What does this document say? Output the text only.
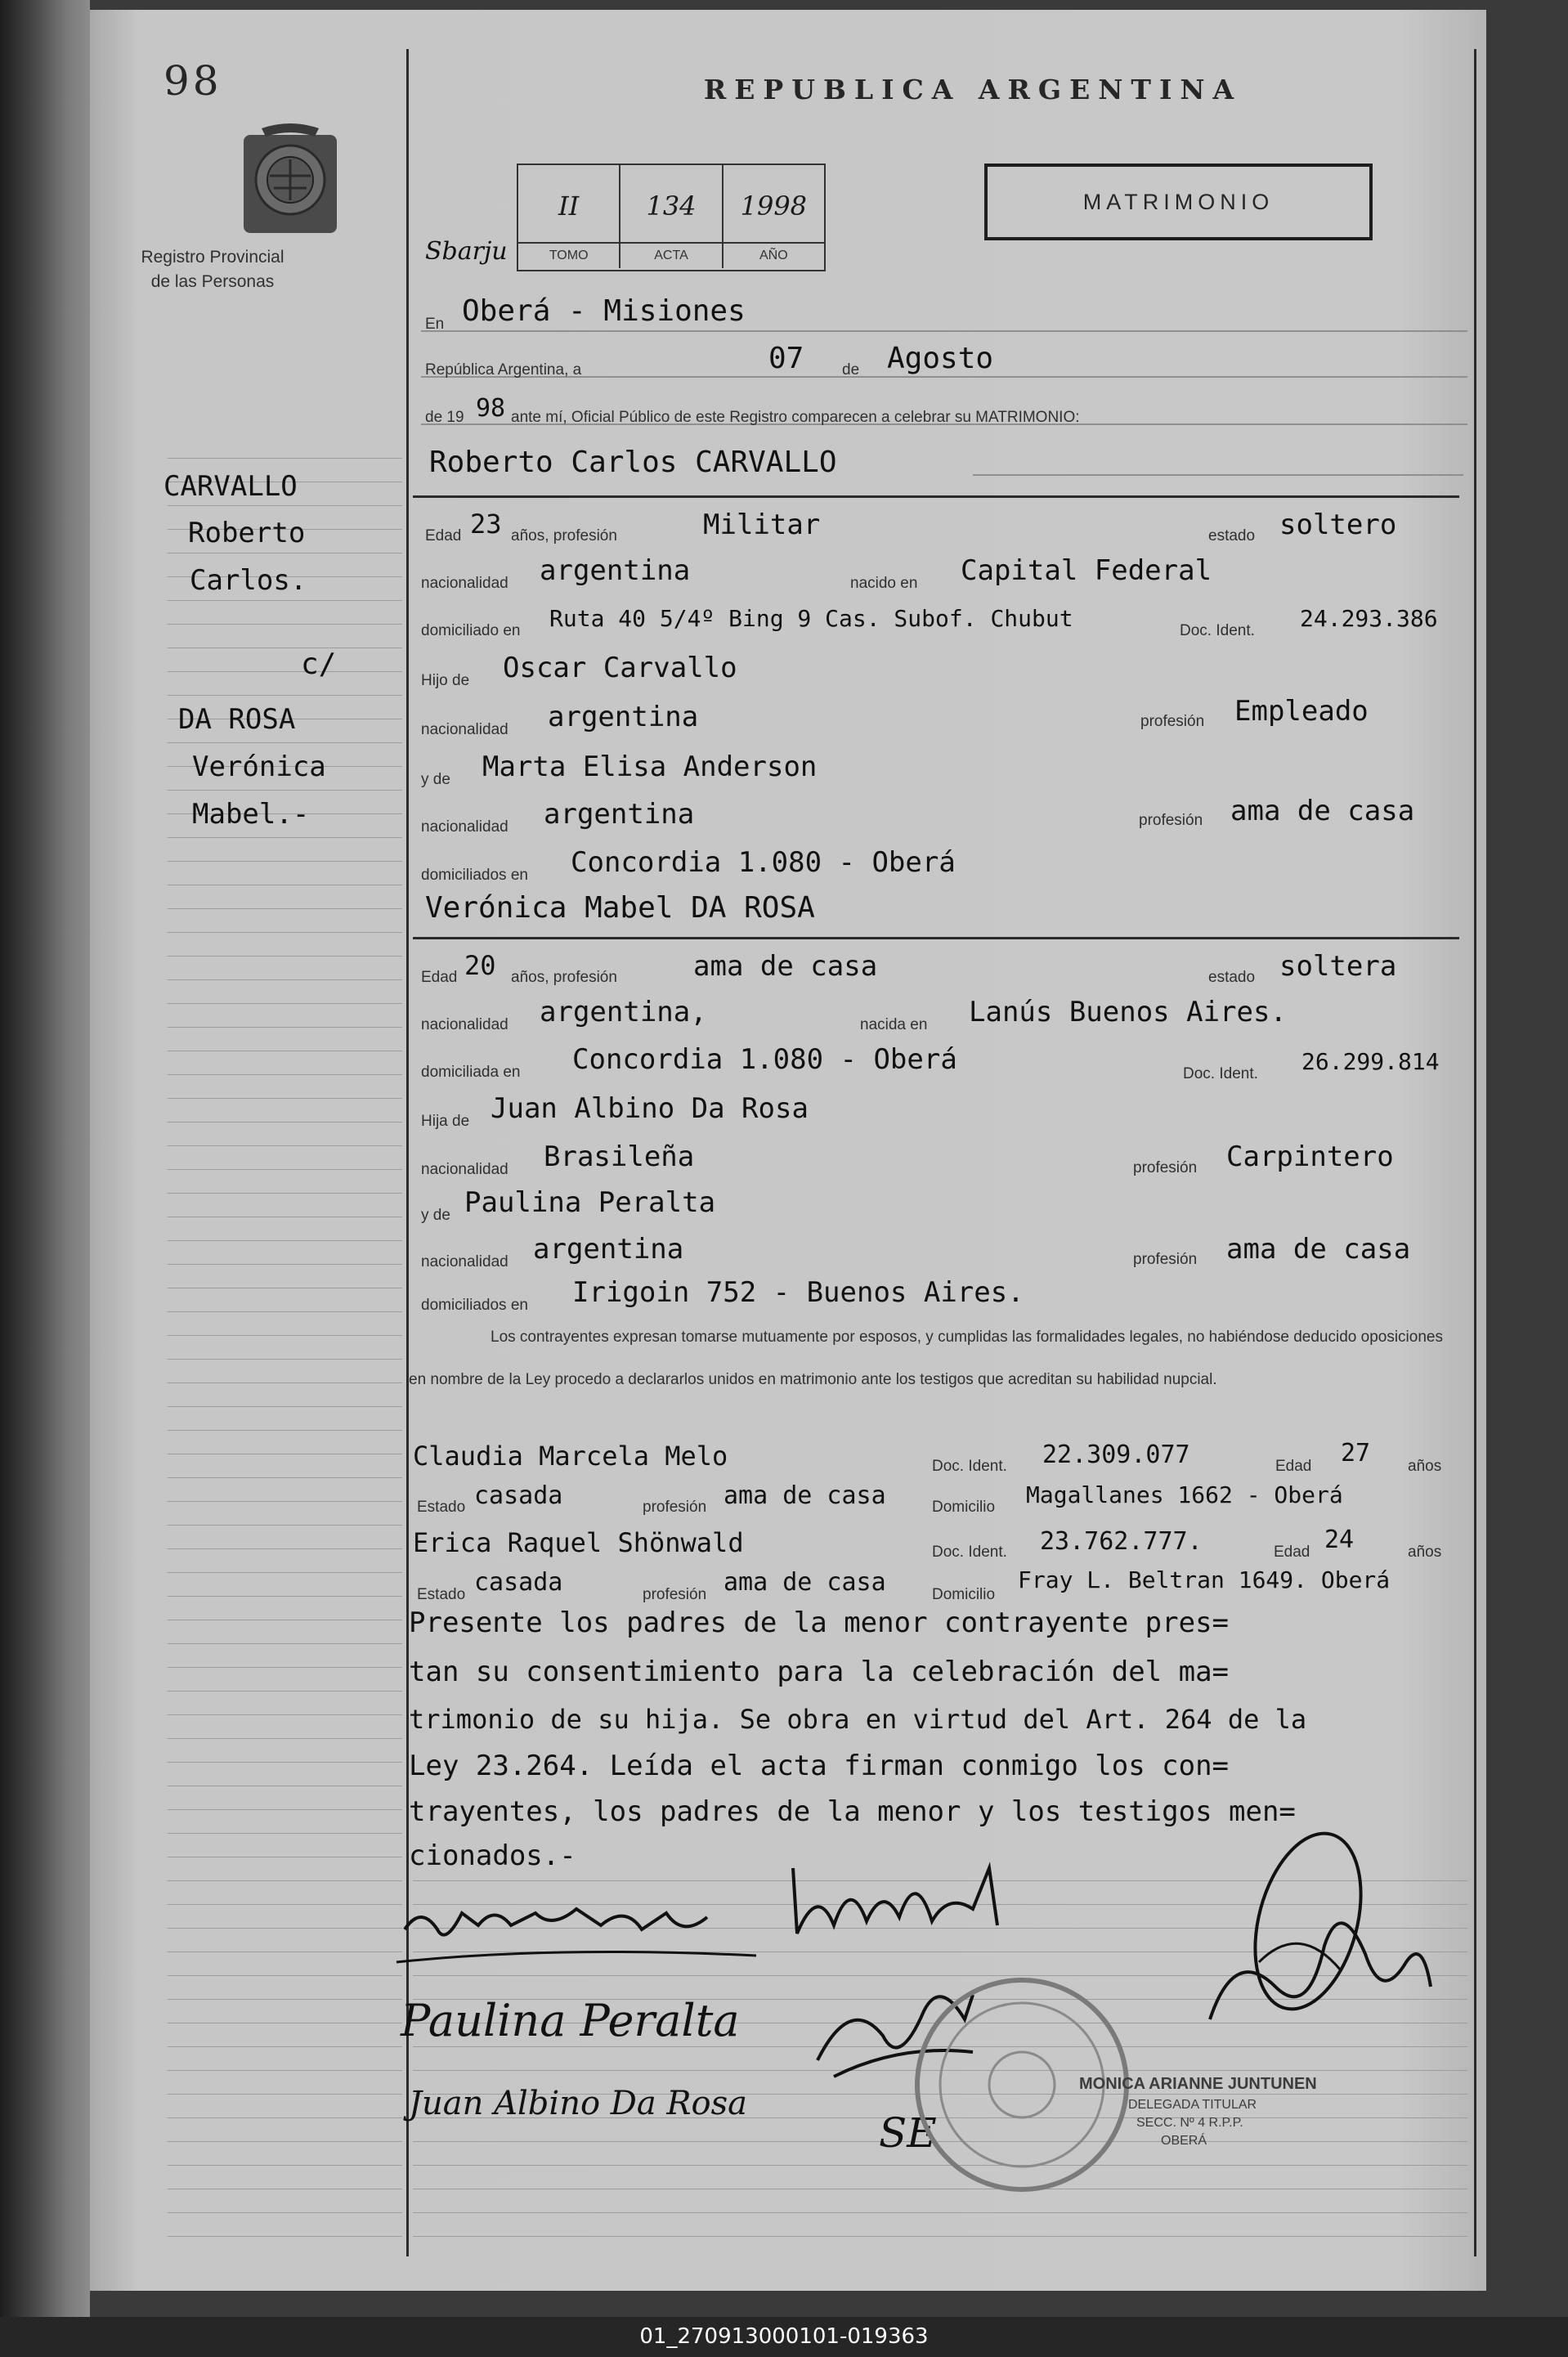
98
Registro Provincial
de las Personas
REPUBLICA ARGENTINA
II	134	1998
TOMO	ACTA	AÑO
Sbarju
MATRIMONIO
En Oberá - Misiones
República Argentina, a	07 de Agosto
de 19 98 ante mí, Oficial Público de este Registro comparecen a celebrar su MATRIMONIO:
CARVALLO
Roberto
Carlos.
c/
DA ROSA
Verónica
Mabel.-
Roberto Carlos CARVALLO
Edad 23 años, profesión	Militar	estado soltero
nacionalidad argentina	nacido en Capital Federal
domiciliado en Ruta 40 5/4º Bing 9 Cas. Subof. Chubut	Doc. Ident. 24.293.386
Hijo de Oscar Carvallo
nacionalidad argentina	profesión Empleado
y de Marta Elisa Anderson
nacionalidad argentina	profesión ama de casa
domiciliados en Concordia 1.080 - Oberá
Verónica Mabel DA ROSA
Edad 20 años, profesión	ama de casa	estado soltera
nacionalidad argentina,	nacida en Lanús Buenos Aires.
domiciliada en Concordia 1.080 - Oberá	Doc. Ident. 26.299.814
Hija de Juan Albino Da Rosa
nacionalidad Brasileña	profesión Carpintero
y de Paulina Peralta
nacionalidad argentina	profesión ama de casa
domiciliados en Irigoin 752 - Buenos Aires.
Los contrayentes expresan tomarse mutuamente por esposos, y cumplidas las formalidades legales, no habiéndose deducido oposiciones en nombre de la Ley procedo a declararlos unidos en matrimonio ante los testigos que acreditan su habilidad nupcial.
Claudia Marcela Melo	Doc. Ident. 22.309.077	Edad 27 años
Estado casada	profesión ama de casa	Domicilio Magallanes 1662 - Oberá
Erica Raquel Shönwald	Doc. Ident. 23.762.777.	Edad 24	años
Estado casada	profesión ama de casa	Domicilio
Fray L. Beltran 1649. Oberá
Presente los padres de la menor contrayente pres=
tan su consentimiento para la celebración del ma=
trimonio de su hija. Se obra en virtud del Art. 264 de la
Ley 23.264. Leída el acta firman conmigo los con=
trayentes, los padres de la menor y los testigos men=
cionados.-
Paulina Peralta
Juan Albino Da Rosa
SE
MONICA ARIANNE JUNTUNEN
DELEGADA TITULAR
SECC. Nº 4 R.P.P.
OBERÁ
01_270913000101-019363
